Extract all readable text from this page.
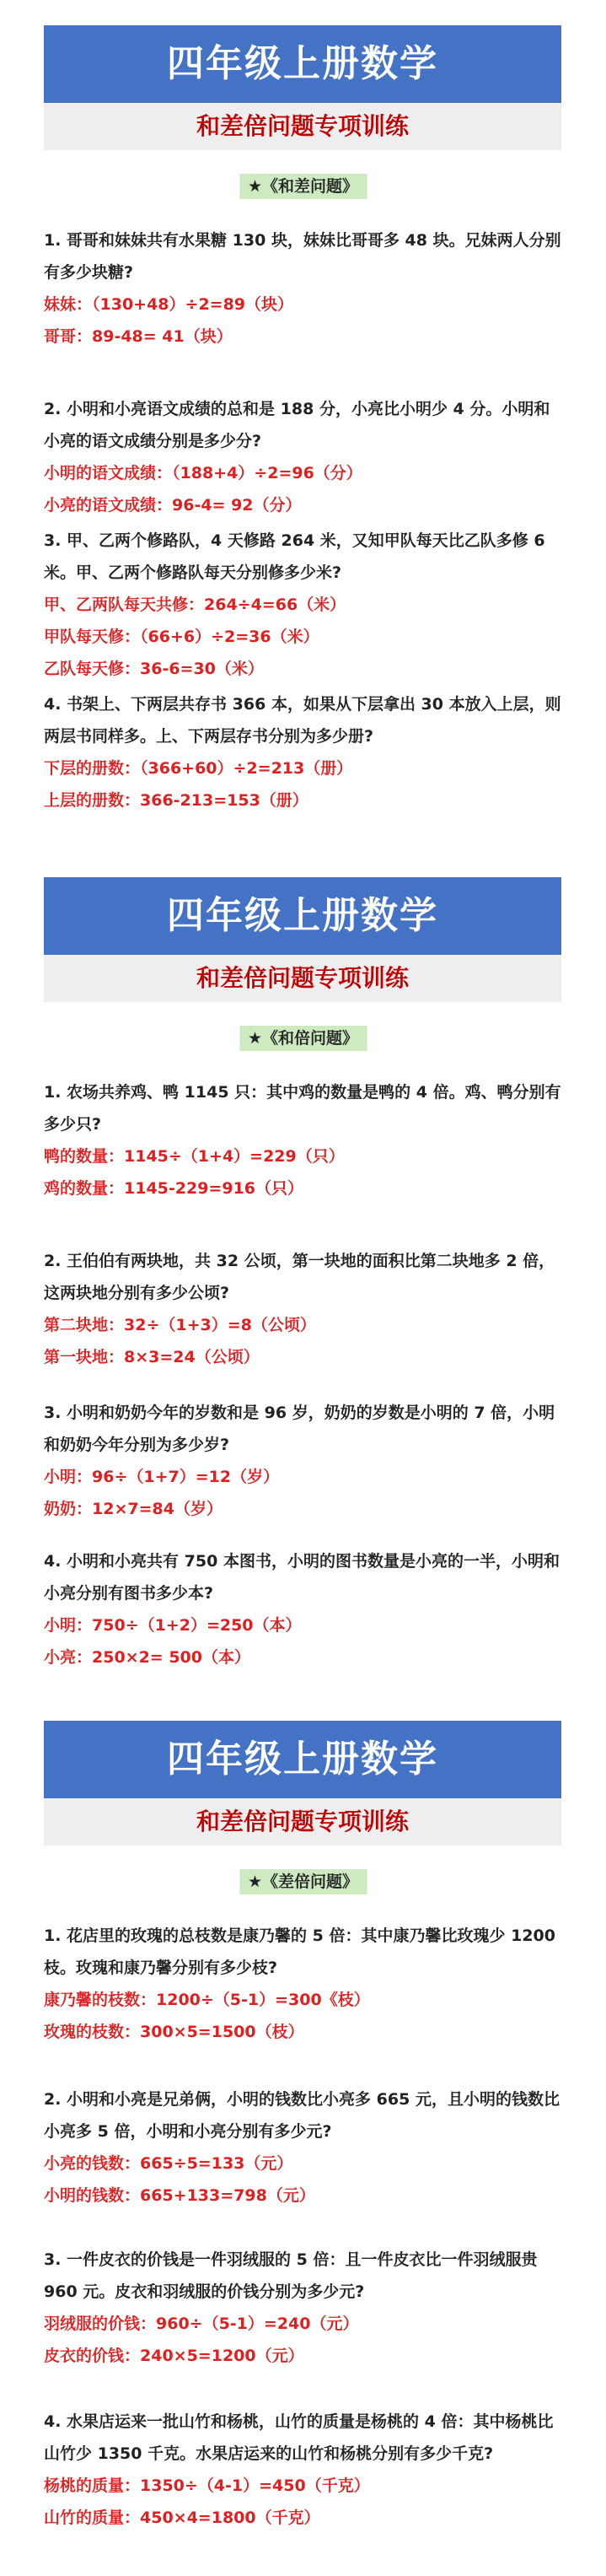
四年级上册数学
和差倍问题专项训练
★《和差问题》
1. 哥哥和妹妹共有水果糖 130 块，妹妹比哥哥多 48 块。兄妹两人分别有多少块糖?
妹妹：（130+48）÷2=89（块）
哥哥：89-48= 41（块）
2. 小明和小亮语文成绩的总和是 188 分，小亮比小明少 4 分。小明和小亮的语文成绩分别是多少分?
小明的语文成绩：（188+4）÷2=96（分）
小亮的语文成绩：96-4= 92（分）
3. 甲、乙两个修路队，4 天修路 264 米，又知甲队每天比乙队多修 6 米。甲、乙两个修路队每天分别修多少米?
甲、乙两队每天共修：264÷4=66（米）
甲队每天修：（66+6）÷2=36（米）
乙队每天修：36-6=30（米）
4. 书架上、下两层共存书 366 本，如果从下层拿出 30 本放入上层，则两层书同样多。上、下两层存书分别为多少册?
下层的册数：（366+60）÷2=213（册）
上层的册数：366-213=153（册）
四年级上册数学
和差倍问题专项训练
★《和倍问题》
1. 农场共养鸡、鸭 1145 只：其中鸡的数量是鸭的 4 倍。鸡、鸭分别有多少只?
鸭的数量：1145÷（1+4）=229（只）
鸡的数量：1145-229=916（只）
2. 王伯伯有两块地，共 32 公顷，第一块地的面积比第二块地多 2 倍，这两块地分别有多少公顷?
第二块地：32÷（1+3）=8（公顷）
第一块地：8×3=24（公顷）
3. 小明和奶奶今年的岁数和是 96 岁，奶奶的岁数是小明的 7 倍，小明和奶奶今年分别为多少岁?
小明：96÷（1+7）=12（岁）
奶奶：12×7=84（岁）
4. 小明和小亮共有 750 本图书，小明的图书数量是小亮的一半，小明和小亮分别有图书多少本?
小明：750÷（1+2）=250（本）
小亮：250×2= 500（本）
四年级上册数学
和差倍问题专项训练
★《差倍问题》
1. 花店里的玫瑰的总枝数是康乃馨的 5 倍：其中康乃馨比玫瑰少 1200 枝。玫瑰和康乃馨分别有多少枝?
康乃馨的枝数：1200÷（5-1）=300《枝）
玫瑰的枝数：300×5=1500（枝）
2. 小明和小亮是兄弟俩，小明的钱数比小亮多 665 元，且小明的钱数比小亮多 5 倍，小明和小亮分别有多少元?
小亮的钱数：665÷5=133（元）
小明的钱数：665+133=798（元）
3. 一件皮衣的价钱是一件羽绒服的 5 倍：且一件皮衣比一件羽绒服贵 960 元。皮衣和羽绒服的价钱分别为多少元?
羽绒服的价钱：960÷（5-1）=240（元）
皮衣的价钱：240×5=1200（元）
4. 水果店运来一批山竹和杨桃，山竹的质量是杨桃的 4 倍：其中杨桃比山竹少 1350 千克。水果店运来的山竹和杨桃分别有多少千克?
杨桃的质量：1350÷（4-1）=450（千克）
山竹的质量：450×4=1800（千克）
